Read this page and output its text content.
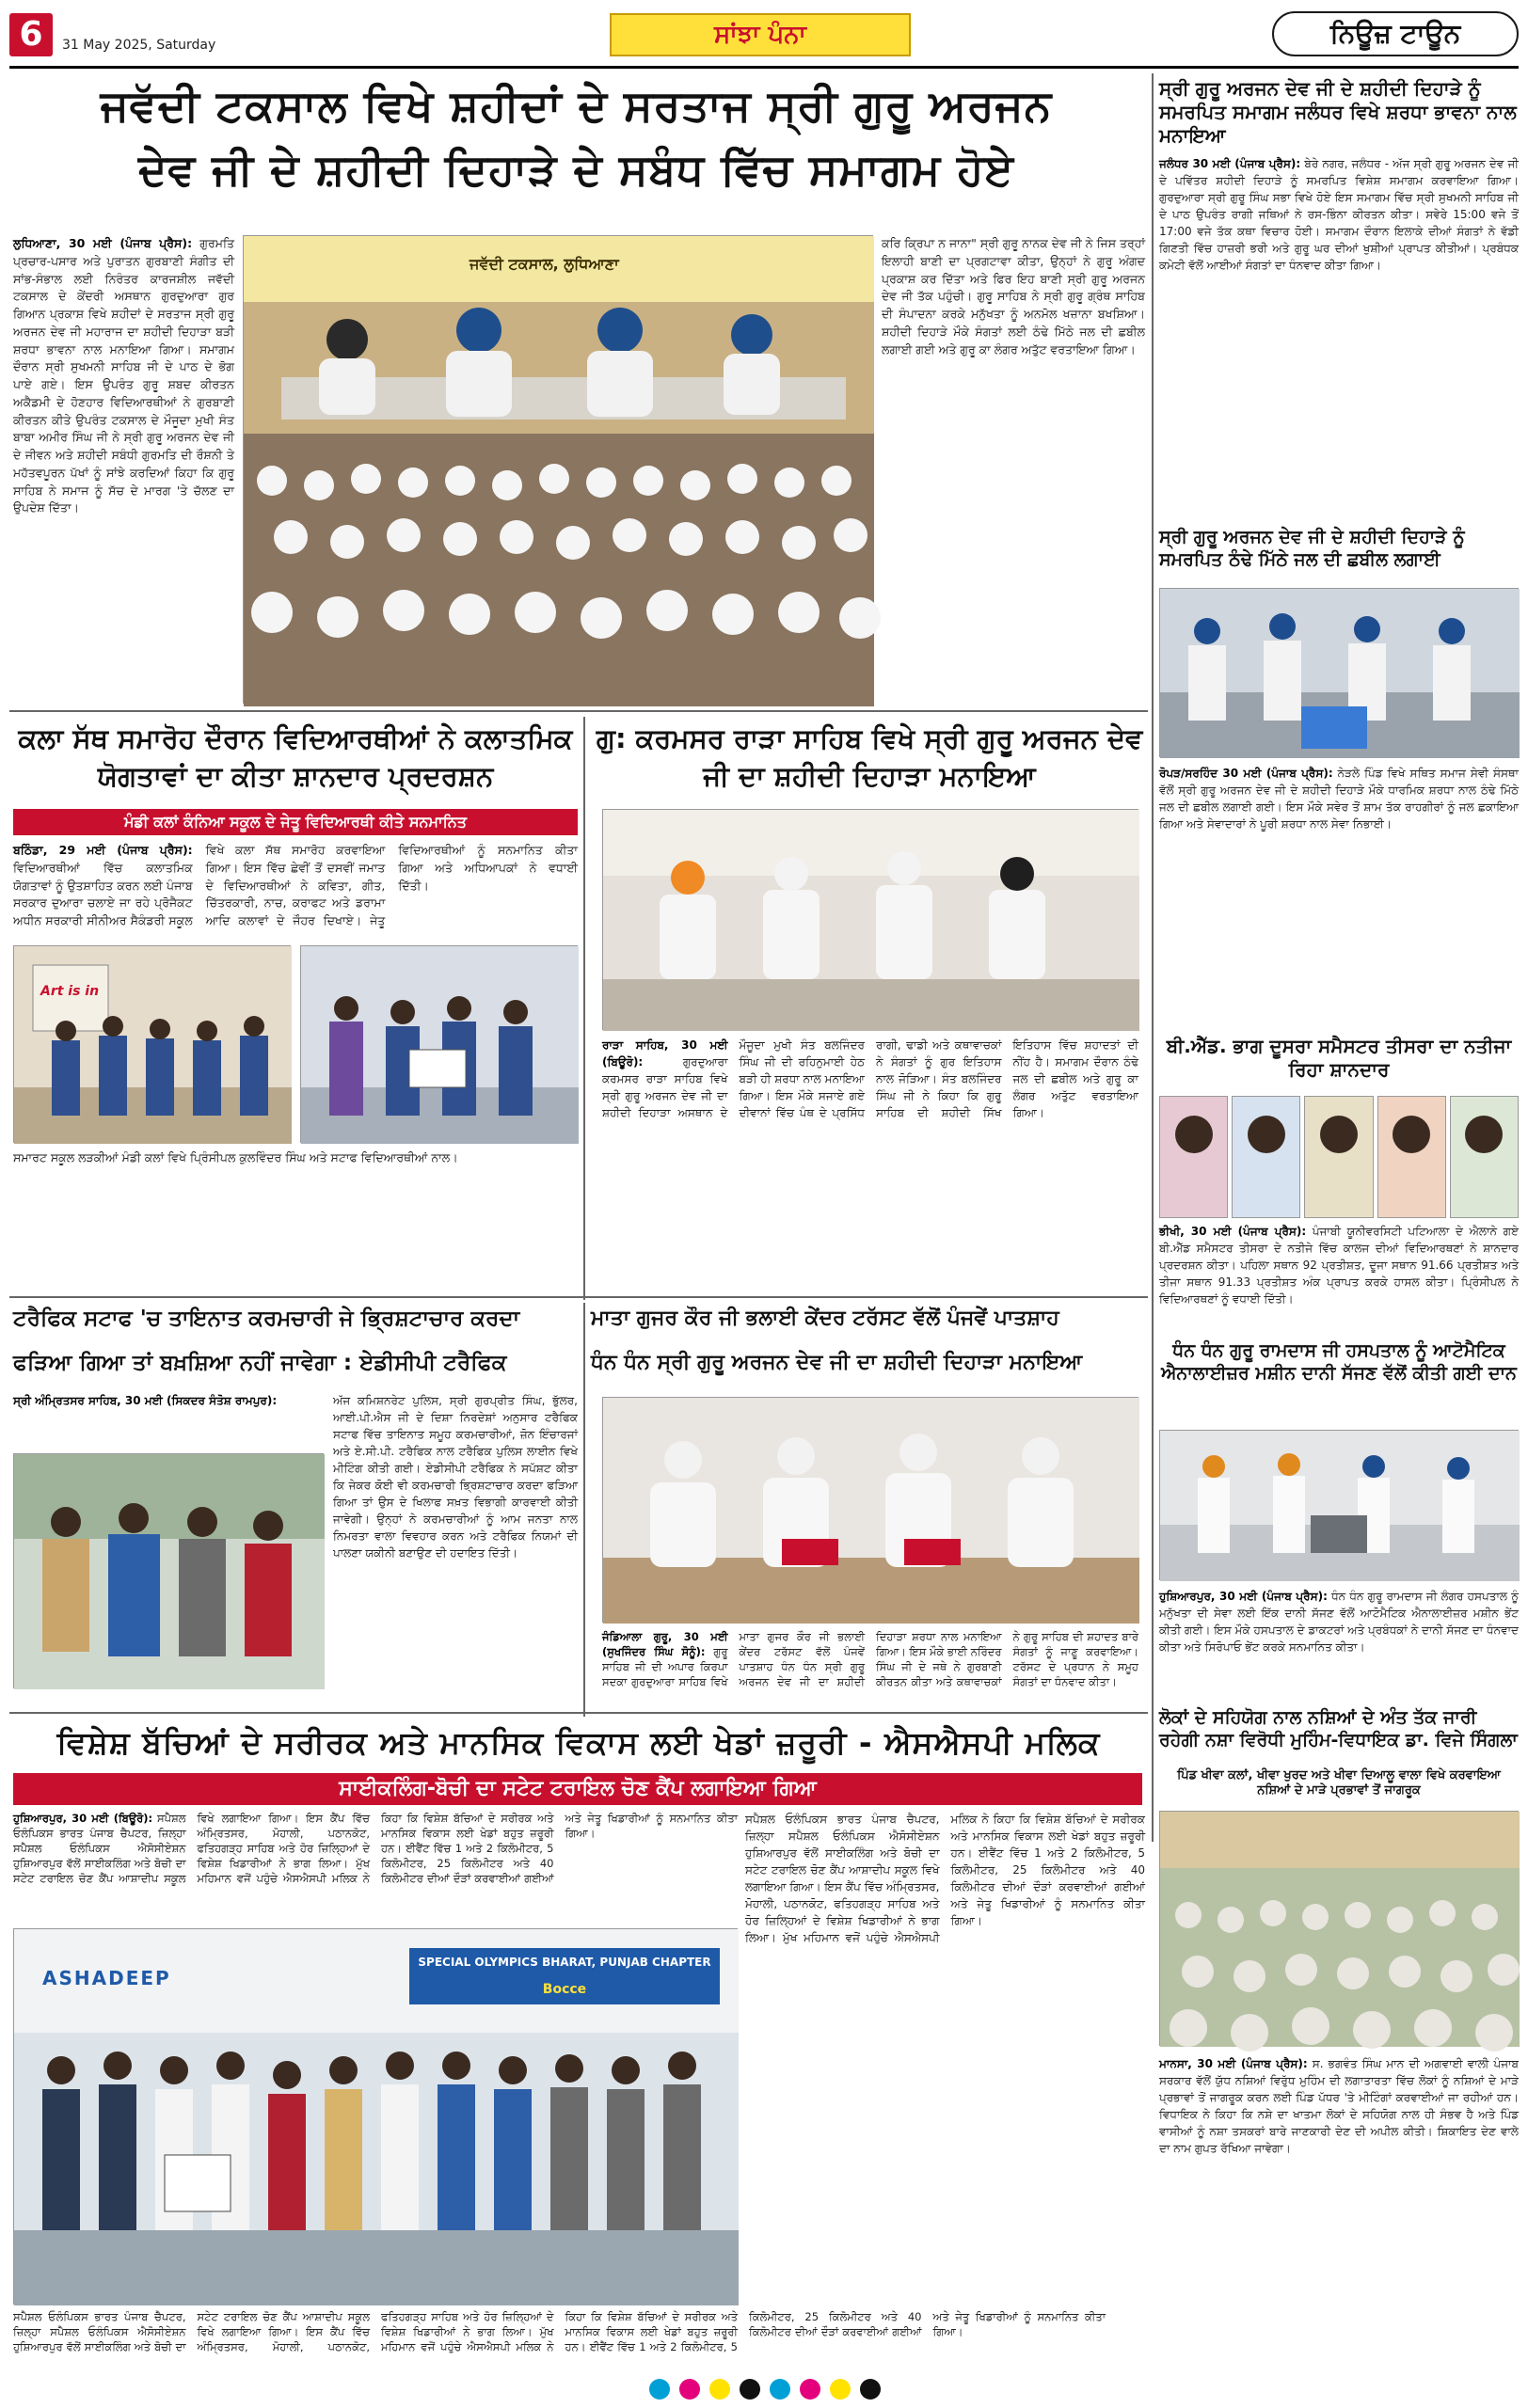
6	31 May 2025, Saturday	ਸਾਂਝਾ ਪੰਨਾ	ਨਿਊਜ਼ ਟਾਊਨ
ਜਵੱਦੀ ਟਕਸਾਲ ਵਿਖੇ ਸ਼ਹੀਦਾਂ ਦੇ ਸਰਤਾਜ ਸ੍ਰੀ ਗੁਰੂ ਅਰਜਨ
ਦੇਵ ਜੀ ਦੇ ਸ਼ਹੀਦੀ ਦਿਹਾੜੇ ਦੇ ਸਬੰਧ ਵਿੱਚ ਸਮਾਗਮ ਹੋਏ

ਲੁਧਿਆਣਾ, 30 ਮਈ (ਪੰਜਾਬ ਪ੍ਰੈਸ): ਗੁਰਮਤਿ ਪ੍ਰਚਾਰ-ਪਸਾਰ ਅਤੇ ਪੁਰਾਤਨ ਗੁਰਬਾਣੀ ਸੰਗੀਤ ਦੀ ਸਾਂਭ-ਸੰਭਾਲ ਲਈ ਨਿਰੰਤਰ ਕਾਰਜਸ਼ੀਲ ਜਵੱਦੀ ਟਕਸਾਲ ਦੇ ਕੇਂਦਰੀ ਅਸਥਾਨ ਗੁਰਦੁਆਰਾ ਗੁਰ ਗਿਆਨ ਪ੍ਰਕਾਸ਼ ਵਿਖੇ ਸ਼ਹੀਦਾਂ ਦੇ ਸਰਤਾਜ ਸ੍ਰੀ ਗੁਰੂ ਅਰਜਨ ਦੇਵ ਜੀ ਮਹਾਰਾਜ ਦਾ ਸ਼ਹੀਦੀ ਦਿਹਾੜਾ ਬੜੀ ਸ਼ਰਧਾ ਭਾਵਨਾ ਨਾਲ ਮਨਾਇਆ ਗਿਆ। ਸਮਾਗਮ ਦੌਰਾਨ ਸ੍ਰੀ ਸੁਖਮਨੀ ਸਾਹਿਬ ਜੀ ਦੇ ਪਾਠ ਦੇ ਭੋਗ ਪਾਏ ਗਏ। ਇਸ ਉਪਰੰਤ ਗੁਰੂ ਸ਼ਬਦ ਕੀਰਤਨ ਅਕੈਡਮੀ ਦੇ ਹੋਣਹਾਰ ਵਿਦਿਆਰਥੀਆਂ ਨੇ ਗੁਰਬਾਣੀ ਕੀਰਤਨ ਕੀਤੇ ਉਪਰੰਤ ਟਕਸਾਲ ਦੇ ਮੌਜੂਦਾ ਮੁਖੀ ਸੰਤ ਬਾਬਾ ਅਮੀਰ ਸਿੰਘ ਜੀ ਨੇ ਸ੍ਰੀ ਗੁਰੂ ਅਰਜਨ ਦੇਵ ਜੀ ਦੇ ਜੀਵਨ ਅਤੇ ਸ਼ਹੀਦੀ ਸਬੰਧੀ ਗੁਰਮਤਿ ਦੀ ਰੌਸ਼ਨੀ ਤੇ ਮਹੱਤਵਪੂਰਨ ਪੱਖਾਂ ਨੂੰ ਸਾਂਝੇ ਕਰਦਿਆਂ ਕਿਹਾ ਕਿ ਗੁਰੂ ਸਾਹਿਬ ਨੇ ਸਮਾਜ ਨੂੰ ਸੱਚ ਦੇ ਮਾਰਗ 'ਤੇ ਚੱਲਣ ਦਾ ਉਪਦੇਸ਼ ਦਿੱਤਾ।

ਜਵੱਦੀ ਟਕਸਾਲ, ਲੁਧਿਆਣਾ

ਕਰਿ ਕ੍ਰਿਪਾ ਨ ਜਾਨਾ" ਸ੍ਰੀ ਗੁਰੂ ਨਾਨਕ ਦੇਵ ਜੀ ਨੇ ਜਿਸ ਤਰ੍ਹਾਂ ਇਲਾਹੀ ਬਾਣੀ ਦਾ ਪ੍ਰਗਟਾਵਾ ਕੀਤਾ, ਉਨ੍ਹਾਂ ਨੇ ਗੁਰੂ ਅੰਗਦ ਪ੍ਰਕਾਸ਼ ਕਰ ਦਿੱਤਾ ਅਤੇ ਫਿਰ ਇਹ ਬਾਣੀ ਸ੍ਰੀ ਗੁਰੂ ਅਰਜਨ ਦੇਵ ਜੀ ਤੱਕ ਪਹੁੰਚੀ। ਗੁਰੂ ਸਾਹਿਬ ਨੇ ਸ੍ਰੀ ਗੁਰੂ ਗ੍ਰੰਥ ਸਾਹਿਬ ਦੀ ਸੰਪਾਦਨਾ ਕਰਕੇ ਮਨੁੱਖਤਾ ਨੂੰ ਅਨਮੋਲ ਖਜ਼ਾਨਾ ਬਖਸ਼ਿਆ। ਸ਼ਹੀਦੀ ਦਿਹਾੜੇ ਮੌਕੇ ਸੰਗਤਾਂ ਲਈ ਠੰਢੇ ਮਿੱਠੇ ਜਲ ਦੀ ਛਬੀਲ ਲਗਾਈ ਗਈ ਅਤੇ ਗੁਰੂ ਕਾ ਲੰਗਰ ਅਤੁੱਟ ਵਰਤਾਇਆ ਗਿਆ।

ਸ੍ਰੀ ਗੁਰੂ ਅਰਜਨ ਦੇਵ ਜੀ ਦੇ ਸ਼ਹੀਦੀ ਦਿਹਾੜੇ ਨੂੰ ਸਮਰਪਿਤ ਸਮਾਗਮ ਜਲੰਧਰ ਵਿਖੇ ਸ਼ਰਧਾ ਭਾਵਨਾ ਨਾਲ ਮਨਾਇਆ

ਜਲੰਧਰ 30 ਮਈ (ਪੰਜਾਬ ਪ੍ਰੈਸ): ਬੇਰੇ ਨਗਰ, ਜਲੰਧਰ - ਅੱਜ ਸ੍ਰੀ ਗੁਰੂ ਅਰਜਨ ਦੇਵ ਜੀ ਦੇ ਪਵਿੱਤਰ ਸ਼ਹੀਦੀ ਦਿਹਾੜੇ ਨੂੰ ਸਮਰਪਿਤ ਵਿਸ਼ੇਸ਼ ਸਮਾਗਮ ਕਰਵਾਇਆ ਗਿਆ। ਗੁਰਦੁਆਰਾ ਸ੍ਰੀ ਗੁਰੂ ਸਿੰਘ ਸਭਾ ਵਿਖੇ ਹੋਏ ਇਸ ਸਮਾਗਮ ਵਿੱਚ ਸ੍ਰੀ ਸੁਖਮਨੀ ਸਾਹਿਬ ਜੀ ਦੇ ਪਾਠ ਉਪਰੰਤ ਰਾਗੀ ਜਥਿਆਂ ਨੇ ਰਸ-ਭਿੰਨਾ ਕੀਰਤਨ ਕੀਤਾ। ਸਵੇਰੇ 15:00 ਵਜੇ ਤੋਂ 17:00 ਵਜੇ ਤੱਕ ਕਥਾ ਵਿਚਾਰ ਹੋਈ। ਸਮਾਗਮ ਦੌਰਾਨ ਇਲਾਕੇ ਦੀਆਂ ਸੰਗਤਾਂ ਨੇ ਵੱਡੀ ਗਿਣਤੀ ਵਿੱਚ ਹਾਜ਼ਰੀ ਭਰੀ ਅਤੇ ਗੁਰੂ ਘਰ ਦੀਆਂ ਖੁਸ਼ੀਆਂ ਪ੍ਰਾਪਤ ਕੀਤੀਆਂ। ਪ੍ਰਬੰਧਕ ਕਮੇਟੀ ਵੱਲੋਂ ਆਈਆਂ ਸੰਗਤਾਂ ਦਾ ਧੰਨਵਾਦ ਕੀਤਾ ਗਿਆ।

ਸ੍ਰੀ ਗੁਰੂ ਅਰਜਨ ਦੇਵ ਜੀ ਦੇ ਸ਼ਹੀਦੀ ਦਿਹਾੜੇ ਨੂੰ ਸਮਰਪਿਤ ਠੰਢੇ ਮਿੱਠੇ ਜਲ ਦੀ ਛਬੀਲ ਲਗਾਈ

ਰੋਪੜ/ਸਰਹਿੰਦ 30 ਮਈ (ਪੰਜਾਬ ਪ੍ਰੈਸ): ਨੇੜਲੇ ਪਿੰਡ ਵਿਖੇ ਸਥਿਤ ਸਮਾਜ ਸੇਵੀ ਸੰਸਥਾ ਵੱਲੋਂ ਸ੍ਰੀ ਗੁਰੂ ਅਰਜਨ ਦੇਵ ਜੀ ਦੇ ਸ਼ਹੀਦੀ ਦਿਹਾੜੇ ਮੌਕੇ ਧਾਰਮਿਕ ਸ਼ਰਧਾ ਨਾਲ ਠੰਢੇ ਮਿੱਠੇ ਜਲ ਦੀ ਛਬੀਲ ਲਗਾਈ ਗਈ। ਇਸ ਮੌਕੇ ਸਵੇਰ ਤੋਂ ਸ਼ਾਮ ਤੱਕ ਰਾਹਗੀਰਾਂ ਨੂੰ ਜਲ ਛਕਾਇਆ ਗਿਆ ਅਤੇ ਸੇਵਾਦਾਰਾਂ ਨੇ ਪੂਰੀ ਸ਼ਰਧਾ ਨਾਲ ਸੇਵਾ ਨਿਭਾਈ।

ਬੀ.ਐੱਡ. ਭਾਗ ਦੂਸਰਾ ਸਮੈਸਟਰ ਤੀਸਰਾ ਦਾ ਨਤੀਜਾ ਰਿਹਾ ਸ਼ਾਨਦਾਰ

ਭੀਖੀ, 30 ਮਈ (ਪੰਜਾਬ ਪ੍ਰੈਸ): ਪੰਜਾਬੀ ਯੂਨੀਵਰਸਿਟੀ ਪਟਿਆਲਾ ਦੇ ਐਲਾਨੇ ਗਏ ਬੀ.ਐੱਡ ਸਮੈਸਟਰ ਤੀਸਰਾ ਦੇ ਨਤੀਜੇ ਵਿੱਚ ਕਾਲਜ ਦੀਆਂ ਵਿਦਿਆਰਥਣਾਂ ਨੇ ਸ਼ਾਨਦਾਰ ਪ੍ਰਦਰਸ਼ਨ ਕੀਤਾ। ਪਹਿਲਾ ਸਥਾਨ 92 ਪ੍ਰਤੀਸ਼ਤ, ਦੂਜਾ ਸਥਾਨ 91.66 ਪ੍ਰਤੀਸ਼ਤ ਅਤੇ ਤੀਜਾ ਸਥਾਨ 91.33 ਪ੍ਰਤੀਸ਼ਤ ਅੰਕ ਪ੍ਰਾਪਤ ਕਰਕੇ ਹਾਸਲ ਕੀਤਾ। ਪ੍ਰਿੰਸੀਪਲ ਨੇ ਵਿਦਿਆਰਥਣਾਂ ਨੂੰ ਵਧਾਈ ਦਿੱਤੀ।

ਧੰਨ ਧੰਨ ਗੁਰੂ ਰਾਮਦਾਸ ਜੀ ਹਸਪਤਾਲ ਨੂੰ ਆਟੋਮੈਟਿਕ ਐਨਾਲਾਈਜ਼ਰ ਮਸ਼ੀਨ ਦਾਨੀ ਸੱਜਣ ਵੱਲੋਂ ਕੀਤੀ ਗਈ ਦਾਨ

ਹੁਸ਼ਿਆਰਪੁਰ, 30 ਮਈ (ਪੰਜਾਬ ਪ੍ਰੈਸ): ਧੰਨ ਧੰਨ ਗੁਰੂ ਰਾਮਦਾਸ ਜੀ ਲੰਗਰ ਹਸਪਤਾਲ ਨੂੰ ਮਨੁੱਖਤਾ ਦੀ ਸੇਵਾ ਲਈ ਇੱਕ ਦਾਨੀ ਸੱਜਣ ਵੱਲੋਂ ਆਟੋਮੈਟਿਕ ਐਨਾਲਾਈਜ਼ਰ ਮਸ਼ੀਨ ਭੇਂਟ ਕੀਤੀ ਗਈ। ਇਸ ਮੌਕੇ ਹਸਪਤਾਲ ਦੇ ਡਾਕਟਰਾਂ ਅਤੇ ਪ੍ਰਬੰਧਕਾਂ ਨੇ ਦਾਨੀ ਸੱਜਣ ਦਾ ਧੰਨਵਾਦ ਕੀਤਾ ਅਤੇ ਸਿਰੋਪਾਓ ਭੇਂਟ ਕਰਕੇ ਸਨਮਾਨਿਤ ਕੀਤਾ।

ਲੋਕਾਂ ਦੇ ਸਹਿਯੋਗ ਨਾਲ ਨਸ਼ਿਆਂ ਦੇ ਅੰਤ ਤੱਕ ਜਾਰੀ ਰਹੇਗੀ ਨਸ਼ਾ ਵਿਰੋਧੀ ਮੁਹਿੰਮ-ਵਿਧਾਇਕ ਡਾ. ਵਿਜੇ ਸਿੰਗਲਾ
ਪਿੰਡ ਖੀਵਾ ਕਲਾਂ, ਖੀਵਾ ਖੁਰਦ ਅਤੇ ਖੀਵਾ ਦਿਆਲੂ ਵਾਲਾ ਵਿਖੇ ਕਰਵਾਇਆ ਨਸ਼ਿਆਂ ਦੇ ਮਾੜੇ ਪ੍ਰਭਾਵਾਂ ਤੋਂ ਜਾਗਰੂਕ

ਮਾਨਸਾ, 30 ਮਈ (ਪੰਜਾਬ ਪ੍ਰੈਸ): ਸ. ਭਗਵੰਤ ਸਿੰਘ ਮਾਨ ਦੀ ਅਗਵਾਈ ਵਾਲੀ ਪੰਜਾਬ ਸਰਕਾਰ ਵੱਲੋਂ ਯੁੱਧ ਨਸ਼ਿਆਂ ਵਿਰੁੱਧ ਮੁਹਿੰਮ ਦੀ ਲਗਾਤਾਰਤਾ ਵਿੱਚ ਲੋਕਾਂ ਨੂੰ ਨਸ਼ਿਆਂ ਦੇ ਮਾੜੇ ਪ੍ਰਭਾਵਾਂ ਤੋਂ ਜਾਗਰੂਕ ਕਰਨ ਲਈ ਪਿੰਡ ਪੱਧਰ 'ਤੇ ਮੀਟਿੰਗਾਂ ਕਰਵਾਈਆਂ ਜਾ ਰਹੀਆਂ ਹਨ। ਵਿਧਾਇਕ ਨੇ ਕਿਹਾ ਕਿ ਨਸ਼ੇ ਦਾ ਖਾਤਮਾ ਲੋਕਾਂ ਦੇ ਸਹਿਯੋਗ ਨਾਲ ਹੀ ਸੰਭਵ ਹੈ ਅਤੇ ਪਿੰਡ ਵਾਸੀਆਂ ਨੂੰ ਨਸ਼ਾ ਤਸਕਰਾਂ ਬਾਰੇ ਜਾਣਕਾਰੀ ਦੇਣ ਦੀ ਅਪੀਲ ਕੀਤੀ। ਸ਼ਿਕਾਇਤ ਦੇਣ ਵਾਲੇ ਦਾ ਨਾਮ ਗੁਪਤ ਰੱਖਿਆ ਜਾਵੇਗਾ।

ਕਲਾ ਸੱਥ ਸਮਾਰੋਹ ਦੌਰਾਨ ਵਿਦਿਆਰਥੀਆਂ ਨੇ ਕਲਾਤਮਿਕ ਯੋਗਤਾਵਾਂ ਦਾ ਕੀਤਾ ਸ਼ਾਨਦਾਰ ਪ੍ਰਦਰਸ਼ਨ
ਮੰਡੀ ਕਲਾਂ ਕੰਨਿਆ ਸਕੂਲ ਦੇ ਜੇਤੂ ਵਿਦਿਆਰਥੀ ਕੀਤੇ ਸਨਮਾਨਿਤ

ਬਠਿੰਡਾ, 29 ਮਈ (ਪੰਜਾਬ ਪ੍ਰੈਸ): ਵਿਦਿਆਰਥੀਆਂ ਵਿੱਚ ਕਲਾਤਮਿਕ ਯੋਗਤਾਵਾਂ ਨੂੰ ਉਤਸ਼ਾਹਿਤ ਕਰਨ ਲਈ ਪੰਜਾਬ ਸਰਕਾਰ ਦੁਆਰਾ ਚਲਾਏ ਜਾ ਰਹੇ ਪ੍ਰੋਜੈਕਟ ਅਧੀਨ ਸਰਕਾਰੀ ਸੀਨੀਅਰ ਸੈਕੰਡਰੀ ਸਕੂਲ ਵਿਖੇ ਕਲਾ ਸੱਥ ਸਮਾਰੋਹ ਕਰਵਾਇਆ ਗਿਆ। ਇਸ ਵਿੱਚ ਛੇਵੀਂ ਤੋਂ ਦਸਵੀਂ ਜਮਾਤ ਦੇ ਵਿਦਿਆਰਥੀਆਂ ਨੇ ਕਵਿਤਾ, ਗੀਤ, ਚਿੱਤਰਕਾਰੀ, ਨਾਚ, ਕਰਾਫਟ ਅਤੇ ਡਰਾਮਾ ਆਦਿ ਕਲਾਵਾਂ ਦੇ ਜੌਹਰ ਦਿਖਾਏ। ਜੇਤੂ ਵਿਦਿਆਰਥੀਆਂ ਨੂੰ ਸਨਮਾਨਿਤ ਕੀਤਾ ਗਿਆ ਅਤੇ ਅਧਿਆਪਕਾਂ ਨੇ ਵਧਾਈ ਦਿੱਤੀ।

Art is in

ਸਮਾਰਟ ਸਕੂਲ ਲੜਕੀਆਂ ਮੰਡੀ ਕਲਾਂ ਵਿਖੇ ਪ੍ਰਿੰਸੀਪਲ ਕੁਲਵਿੰਦਰ ਸਿੰਘ ਅਤੇ ਸਟਾਫ ਵਿਦਿਆਰਥੀਆਂ ਨਾਲ।

ਗੁ: ਕਰਮਸਰ ਰਾੜਾ ਸਾਹਿਬ ਵਿਖੇ ਸ੍ਰੀ ਗੁਰੂ ਅਰਜਨ ਦੇਵ ਜੀ ਦਾ ਸ਼ਹੀਦੀ ਦਿਹਾੜਾ ਮਨਾਇਆ

ਰਾੜਾ ਸਾਹਿਬ, 30 ਮਈ (ਬਿਊਰੋ):	ਗੁਰਦੁਆਰਾ ਕਰਮਸਰ ਰਾੜਾ ਸਾਹਿਬ ਵਿਖੇ ਸ੍ਰੀ ਗੁਰੂ ਅਰਜਨ ਦੇਵ ਜੀ ਦਾ ਸ਼ਹੀਦੀ ਦਿਹਾੜਾ ਅਸਥਾਨ ਦੇ ਮੌਜੂਦਾ ਮੁਖੀ ਸੰਤ ਬਲਜਿੰਦਰ ਸਿੰਘ ਜੀ ਦੀ ਰਹਿਨੁਮਾਈ ਹੇਠ ਬੜੀ ਹੀ ਸ਼ਰਧਾ ਨਾਲ ਮਨਾਇਆ ਗਿਆ। ਇਸ ਮੌਕੇ ਸਜਾਏ ਗਏ ਦੀਵਾਨਾਂ ਵਿੱਚ ਪੰਥ ਦੇ ਪ੍ਰਸਿੱਧ ਰਾਗੀ, ਢਾਡੀ ਅਤੇ ਕਥਾਵਾਚਕਾਂ ਨੇ ਸੰਗਤਾਂ ਨੂੰ ਗੁਰ ਇਤਿਹਾਸ ਨਾਲ ਜੋੜਿਆ। ਸੰਤ ਬਲਜਿੰਦਰ ਸਿੰਘ ਜੀ ਨੇ ਕਿਹਾ ਕਿ ਗੁਰੂ ਸਾਹਿਬ ਦੀ ਸ਼ਹੀਦੀ ਸਿੱਖ ਇਤਿਹਾਸ ਵਿੱਚ ਸ਼ਹਾਦਤਾਂ ਦੀ ਨੀਂਹ ਹੈ। ਸਮਾਗਮ ਦੌਰਾਨ ਠੰਢੇ ਜਲ ਦੀ ਛਬੀਲ ਅਤੇ ਗੁਰੂ ਕਾ ਲੰਗਰ ਅਤੁੱਟ ਵਰਤਾਇਆ ਗਿਆ।

ਟਰੈਫਿਕ ਸਟਾਫ 'ਚ ਤਾਇਨਾਤ ਕਰਮਚਾਰੀ ਜੇ ਭ੍ਰਿਸ਼ਟਾਚਾਰ ਕਰਦਾ
ਫੜਿਆ ਗਿਆ ਤਾਂ ਬਖ਼ਸ਼ਿਆ ਨਹੀਂ ਜਾਵੇਗਾ : ਏਡੀਸੀਪੀ ਟਰੈਫਿਕ

ਸ੍ਰੀ ਅੰਮ੍ਰਿਤਸਰ ਸਾਹਿਬ, 30 ਮਈ (ਸਿਕਦਰ ਸੰਤੋਸ਼ ਰਾਮਪੁਰ):	ਅੱਜ ਕਮਿਸ਼ਨਰੇਟ ਪੁਲਿਸ, ਸ੍ਰੀ ਗੁਰਪ੍ਰੀਤ ਸਿੰਘ, ਭੁੱਲਰ, ਆਈ.ਪੀ.ਐਸ ਜੀ ਦੇ ਦਿਸ਼ਾ ਨਿਰਦੇਸ਼ਾਂ ਅਨੁਸਾਰ ਟਰੈਫਿਕ ਸਟਾਫ ਵਿੱਚ ਤਾਇਨਾਤ ਸਮੂਹ ਕਰਮਚਾਰੀਆਂ, ਜ਼ੋਨ ਇੰਚਾਰਜਾਂ ਅਤੇ ਏ.ਸੀ.ਪੀ. ਟਰੈਫਿਕ ਨਾਲ ਟਰੈਫਿਕ ਪੁਲਿਸ ਲਾਈਨ ਵਿਖੇ ਮੀਟਿੰਗ ਕੀਤੀ ਗਈ। ਏਡੀਸੀਪੀ ਟਰੈਫਿਕ ਨੇ ਸਪੱਸ਼ਟ ਕੀਤਾ ਕਿ ਜੇਕਰ ਕੋਈ ਵੀ ਕਰਮਚਾਰੀ ਭ੍ਰਿਸ਼ਟਾਚਾਰ ਕਰਦਾ ਫੜਿਆ ਗਿਆ ਤਾਂ ਉਸ ਦੇ ਖਿਲਾਫ ਸਖ਼ਤ ਵਿਭਾਗੀ ਕਾਰਵਾਈ ਕੀਤੀ ਜਾਵੇਗੀ। ਉਨ੍ਹਾਂ ਨੇ ਕਰਮਚਾਰੀਆਂ ਨੂੰ ਆਮ ਜਨਤਾ ਨਾਲ ਨਿਮਰਤਾ ਵਾਲਾ ਵਿਵਹਾਰ ਕਰਨ ਅਤੇ ਟਰੈਫਿਕ ਨਿਯਮਾਂ ਦੀ ਪਾਲਣਾ ਯਕੀਨੀ ਬਣਾਉਣ ਦੀ ਹਦਾਇਤ ਦਿੱਤੀ।

ਮਾਤਾ ਗੁਜਰ ਕੌਰ ਜੀ ਭਲਾਈ ਕੇਂਦਰ ਟਰੱਸਟ ਵੱਲੋਂ ਪੰਜਵੇਂ ਪਾਤਸ਼ਾਹ
ਧੰਨ ਧੰਨ ਸ੍ਰੀ ਗੁਰੂ ਅਰਜਨ ਦੇਵ ਜੀ ਦਾ ਸ਼ਹੀਦੀ ਦਿਹਾੜਾ ਮਨਾਇਆ

ਜੰਡਿਆਲਾ ਗੁਰੂ, 30 ਮਈ (ਸੁਖਜਿੰਦਰ ਸਿੰਘ ਸੋਨੂੰ): ਗੁਰੂ ਸਾਹਿਬ ਜੀ ਦੀ ਅਪਾਰ ਕਿਰਪਾ ਸਦਕਾ ਗੁਰਦੁਆਰਾ ਸਾਹਿਬ ਵਿਖੇ ਮਾਤਾ ਗੁਜਰ ਕੌਰ ਜੀ ਭਲਾਈ ਕੇਂਦਰ ਟਰੱਸਟ ਵੱਲੋਂ ਪੰਜਵੇਂ ਪਾਤਸ਼ਾਹ ਧੰਨ ਧੰਨ ਸ੍ਰੀ ਗੁਰੂ ਅਰਜਨ ਦੇਵ ਜੀ ਦਾ ਸ਼ਹੀਦੀ ਦਿਹਾੜਾ ਸ਼ਰਧਾ ਨਾਲ ਮਨਾਇਆ ਗਿਆ। ਇਸ ਮੌਕੇ ਭਾਈ ਨਰਿੰਦਰ ਸਿੰਘ ਜੀ ਦੇ ਜਥੇ ਨੇ ਗੁਰਬਾਣੀ ਕੀਰਤਨ ਕੀਤਾ ਅਤੇ ਕਥਾਵਾਚਕਾਂ ਨੇ ਗੁਰੂ ਸਾਹਿਬ ਦੀ ਸ਼ਹਾਦਤ ਬਾਰੇ ਸੰਗਤਾਂ ਨੂੰ ਜਾਣੂ ਕਰਵਾਇਆ। ਟਰੱਸਟ ਦੇ ਪ੍ਰਧਾਨ ਨੇ ਸਮੂਹ ਸੰਗਤਾਂ ਦਾ ਧੰਨਵਾਦ ਕੀਤਾ।

ਵਿਸ਼ੇਸ਼ ਬੱਚਿਆਂ ਦੇ ਸਰੀਰਕ ਅਤੇ ਮਾਨਸਿਕ ਵਿਕਾਸ ਲਈ ਖੇਡਾਂ ਜ਼ਰੂਰੀ - ਐਸਐਸਪੀ ਮਲਿਕ
ਸਾਈਕਲਿੰਗ-ਬੋਚੀ ਦਾ ਸਟੇਟ ਟਰਾਇਲ ਚੋਣ ਕੈਂਪ ਲਗਾਇਆ ਗਿਆ

ਹੁਸ਼ਿਆਰਪੁਰ, 30 ਮਈ (ਬਿਊਰੋ): ਸਪੈਸ਼ਲ ਓਲੰਪਿਕਸ ਭਾਰਤ ਪੰਜਾਬ ਚੈਪਟਰ, ਜ਼ਿਲ੍ਹਾ ਸਪੈਸ਼ਲ ਓਲੰਪਿਕਸ ਐਸੋਸੀਏਸ਼ਨ ਹੁਸ਼ਿਆਰਪੁਰ ਵੱਲੋਂ ਸਾਈਕਲਿੰਗ ਅਤੇ ਬੋਚੀ ਦਾ ਸਟੇਟ ਟਰਾਇਲ ਚੋਣ ਕੈਂਪ ਆਸ਼ਾਦੀਪ ਸਕੂਲ ਵਿਖੇ ਲਗਾਇਆ ਗਿਆ। ਇਸ ਕੈਂਪ ਵਿੱਚ ਅੰਮ੍ਰਿਤਸਰ, ਮੋਹਾਲੀ, ਪਠਾਨਕੋਟ, ਫਤਿਹਗੜ੍ਹ ਸਾਹਿਬ ਅਤੇ ਹੋਰ ਜ਼ਿਲ੍ਹਿਆਂ ਦੇ ਵਿਸ਼ੇਸ਼ ਖਿਡਾਰੀਆਂ ਨੇ ਭਾਗ ਲਿਆ। ਮੁੱਖ ਮਹਿਮਾਨ ਵਜੋਂ ਪਹੁੰਚੇ ਐਸਐਸਪੀ ਮਲਿਕ ਨੇ ਕਿਹਾ ਕਿ ਵਿਸ਼ੇਸ਼ ਬੱਚਿਆਂ ਦੇ ਸਰੀਰਕ ਅਤੇ ਮਾਨਸਿਕ ਵਿਕਾਸ ਲਈ ਖੇਡਾਂ ਬਹੁਤ ਜ਼ਰੂਰੀ ਹਨ। ਈਵੈਂਟ ਵਿੱਚ 1 ਅਤੇ 2 ਕਿਲੋਮੀਟਰ, 5 ਕਿਲੋਮੀਟਰ, 25 ਕਿਲੋਮੀਟਰ ਅਤੇ 40 ਕਿਲੋਮੀਟਰ ਦੀਆਂ ਦੌੜਾਂ ਕਰਵਾਈਆਂ ਗਈਆਂ ਅਤੇ ਜੇਤੂ ਖਿਡਾਰੀਆਂ ਨੂੰ ਸਨਮਾਨਿਤ ਕੀਤਾ ਗਿਆ।

SPECIAL OLYMPICS BHARAT, PUNJAB CHAPTER
Bocce
ASHADEEP

ਸਪੈਸ਼ਲ ਓਲੰਪਿਕਸ ਭਾਰਤ ਪੰਜਾਬ ਚੈਪਟਰ, ਜ਼ਿਲ੍ਹਾ ਸਪੈਸ਼ਲ ਓਲੰਪਿਕਸ ਐਸੋਸੀਏਸ਼ਨ ਹੁਸ਼ਿਆਰਪੁਰ ਵੱਲੋਂ ਸਾਈਕਲਿੰਗ ਅਤੇ ਬੋਚੀ ਦਾ ਸਟੇਟ ਟਰਾਇਲ ਚੋਣ ਕੈਂਪ ਆਸ਼ਾਦੀਪ ਸਕੂਲ ਵਿਖੇ ਲਗਾਇਆ ਗਿਆ। ਇਸ ਕੈਂਪ ਵਿੱਚ ਅੰਮ੍ਰਿਤਸਰ, ਮੋਹਾਲੀ, ਪਠਾਨਕੋਟ, ਫਤਿਹਗੜ੍ਹ ਸਾਹਿਬ ਅਤੇ ਹੋਰ ਜ਼ਿਲ੍ਹਿਆਂ ਦੇ ਵਿਸ਼ੇਸ਼ ਖਿਡਾਰੀਆਂ ਨੇ ਭਾਗ ਲਿਆ। ਮੁੱਖ ਮਹਿਮਾਨ ਵਜੋਂ ਪਹੁੰਚੇ ਐਸਐਸਪੀ ਮਲਿਕ ਨੇ ਕਿਹਾ ਕਿ ਵਿਸ਼ੇਸ਼ ਬੱਚਿਆਂ ਦੇ ਸਰੀਰਕ ਅਤੇ ਮਾਨਸਿਕ ਵਿਕਾਸ ਲਈ ਖੇਡਾਂ ਬਹੁਤ ਜ਼ਰੂਰੀ ਹਨ। ਈਵੈਂਟ ਵਿੱਚ 1 ਅਤੇ 2 ਕਿਲੋਮੀਟਰ, 5 ਕਿਲੋਮੀਟਰ, 25 ਕਿਲੋਮੀਟਰ ਅਤੇ 40 ਕਿਲੋਮੀਟਰ ਦੀਆਂ ਦੌੜਾਂ ਕਰਵਾਈਆਂ ਗਈਆਂ ਅਤੇ ਜੇਤੂ ਖਿਡਾਰੀਆਂ ਨੂੰ ਸਨਮਾਨਿਤ ਕੀਤਾ ਗਿਆ।

ਸਪੈਸ਼ਲ ਓਲੰਪਿਕਸ ਭਾਰਤ ਪੰਜਾਬ ਚੈਪਟਰ, ਜ਼ਿਲ੍ਹਾ ਸਪੈਸ਼ਲ ਓਲੰਪਿਕਸ ਐਸੋਸੀਏਸ਼ਨ ਹੁਸ਼ਿਆਰਪੁਰ ਵੱਲੋਂ ਸਾਈਕਲਿੰਗ ਅਤੇ ਬੋਚੀ ਦਾ ਸਟੇਟ ਟਰਾਇਲ ਚੋਣ ਕੈਂਪ ਆਸ਼ਾਦੀਪ ਸਕੂਲ ਵਿਖੇ ਲਗਾਇਆ ਗਿਆ। ਇਸ ਕੈਂਪ ਵਿੱਚ ਅੰਮ੍ਰਿਤਸਰ, ਮੋਹਾਲੀ, ਪਠਾਨਕੋਟ, ਫਤਿਹਗੜ੍ਹ ਸਾਹਿਬ ਅਤੇ ਹੋਰ ਜ਼ਿਲ੍ਹਿਆਂ ਦੇ ਵਿਸ਼ੇਸ਼ ਖਿਡਾਰੀਆਂ ਨੇ ਭਾਗ ਲਿਆ। ਮੁੱਖ ਮਹਿਮਾਨ ਵਜੋਂ ਪਹੁੰਚੇ ਐਸਐਸਪੀ ਮਲਿਕ ਨੇ ਕਿਹਾ ਕਿ ਵਿਸ਼ੇਸ਼ ਬੱਚਿਆਂ ਦੇ ਸਰੀਰਕ ਅਤੇ ਮਾਨਸਿਕ ਵਿਕਾਸ ਲਈ ਖੇਡਾਂ ਬਹੁਤ ਜ਼ਰੂਰੀ ਹਨ। ਈਵੈਂਟ ਵਿੱਚ 1 ਅਤੇ 2 ਕਿਲੋਮੀਟਰ, 5 ਕਿਲੋਮੀਟਰ, 25 ਕਿਲੋਮੀਟਰ ਅਤੇ 40 ਕਿਲੋਮੀਟਰ ਦੀਆਂ ਦੌੜਾਂ ਕਰਵਾਈਆਂ ਗਈਆਂ ਅਤੇ ਜੇਤੂ ਖਿਡਾਰੀਆਂ ਨੂੰ ਸਨਮਾਨਿਤ ਕੀਤਾ ਗਿਆ।
